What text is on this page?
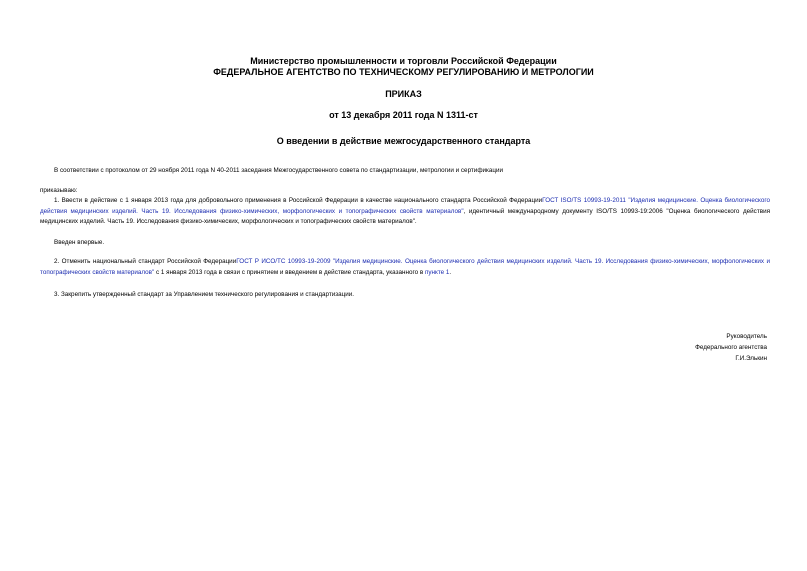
Министерство промышленности и торговли Российской Федерации
ФЕДЕРАЛЬНОЕ АГЕНТСТВО ПО ТЕХНИЧЕСКОМУ РЕГУЛИРОВАНИЮ И МЕТРОЛОГИИ
ПРИКАЗ
от 13 декабря 2011 года N 1311-ст
О введении в действие межгосударственного стандарта
В соответствии с протоколом от 29 ноября 2011 года N 40-2011 заседания Межгосударственного совета по стандартизации, метрологии и сертификации
приказываю:
1. Ввести в действие с 1 января 2013 года для добровольного применения в Российской Федерации в качестве национального стандарта Российской ФедерацииГОСТ ISO/TS 10993-19-2011 "Изделия медицинские. Оценка биологического действия медицинских изделий. Часть 19. Исследования физико-химических, морфологических и топографических свойств материалов", идентичный международному документу ISO/TS 10993-19:2006 "Оценка биологического действия медицинских изделий. Часть 19. Исследования физико-химических, морфологических и топографических свойств материалов".
Введен впервые.
2. Отменить национальный стандарт Российской ФедерацииГОСТ Р ИСО/ТС 10993-19-2009 "Изделия медицинские. Оценка биологического действия медицинских изделий. Часть 19. Исследования физико-химических, морфологических и топографических свойств материалов" с 1 января 2013 года в связи с принятием и введением в действие стандарта, указанного в пункте 1.
3. Закрепить утвержденный стандарт за Управлением технического регулирования и стандартизации.
Руководитель
Федерального агентства
Г.И.Элькин
